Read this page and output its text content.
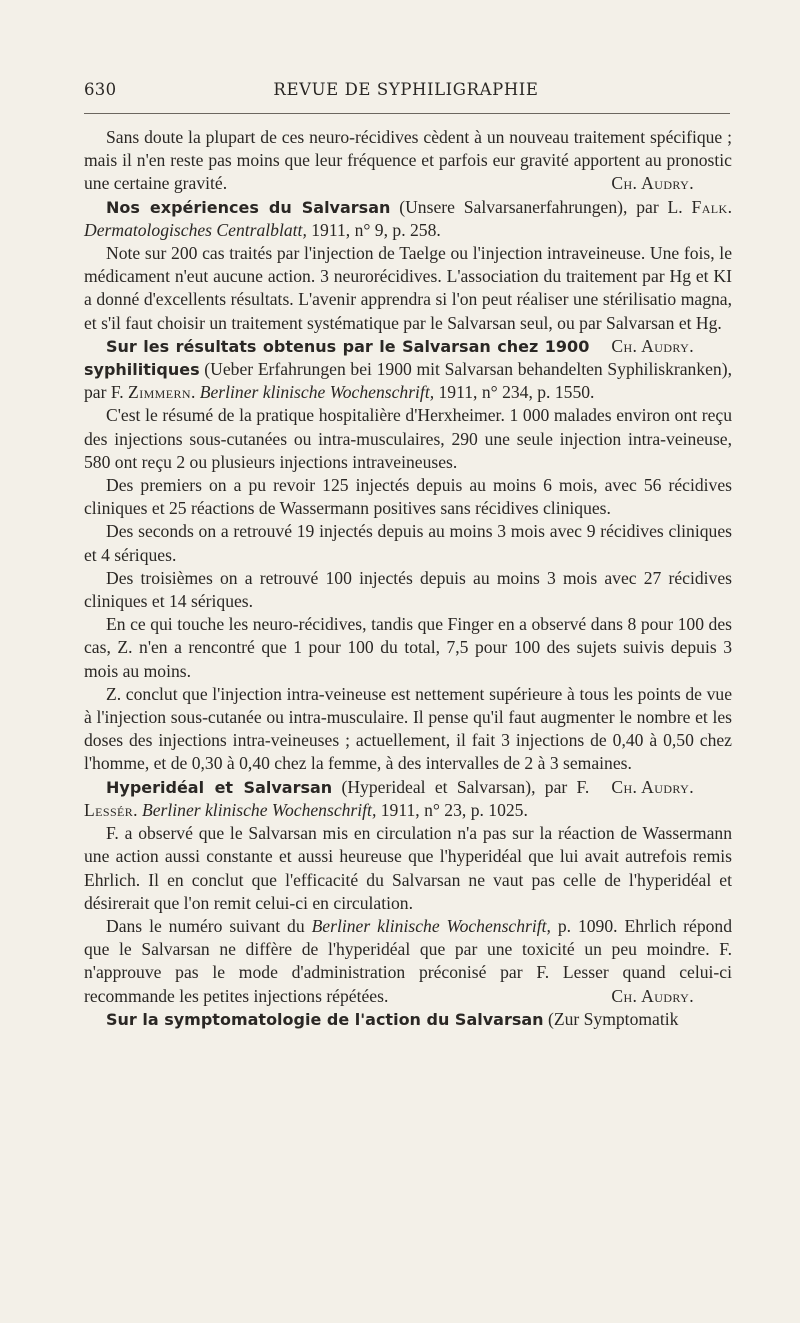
630	REVUE DE SYPHILIGRAPHIE

Sans doute la plupart de ces neuro-récidives cèdent à un nouveau traitement spécifique ; mais il n'en reste pas moins que leur fréquence et parfois eur gravité apportent au pronostic une certaine gravité.	Ch. Audry.

Nos expériences du Salvarsan (Unsere Salvarsanerfahrungen), par L. Falk. Dermatologisches Centralblatt, 1911, n° 9, p. 258.

Note sur 200 cas traités par l'injection de Taelge ou l'injection intraveineuse. Une fois, le médicament n'eut aucune action. 3 neurorécidives. L'association du traitement par Hg et KI a donné d'excellents résultats. L'avenir apprendra si l'on peut réaliser une stérilisatio magna, et s'il faut choisir un traitement systématique par le Salvarsan seul, ou par Salvarsan et Hg.
Ch. Audry.

Sur les résultats obtenus par le Salvarsan chez 1900 syphilitiques (Ueber Erfahrungen bei 1900 mit Salvarsan behandelten Syphiliskranken), par F. Zimmern. Berliner klinische Wochenschrift, 1911, n° 234, p. 1550.

C'est le résumé de la pratique hospitalière d'Herxheimer. 1 000 malades environ ont reçu des injections sous-cutanées ou intra-musculaires, 290 une seule injection intra-veineuse, 580 ont reçu 2 ou plusieurs injections intraveineuses.

Des premiers on a pu revoir 125 injectés depuis au moins 6 mois, avec 56 récidives cliniques et 25 réactions de Wassermann positives sans récidives cliniques.

Des seconds on a retrouvé 19 injectés depuis au moins 3 mois avec 9 récidives cliniques et 4 sériques.

Des troisièmes on a retrouvé 100 injectés depuis au moins 3 mois avec 27 récidives cliniques et 14 sériques.

En ce qui touche les neuro-récidives, tandis que Finger en a observé dans 8 pour 100 des cas, Z. n'en a rencontré que 1 pour 100 du total, 7,5 pour 100 des sujets suivis depuis 3 mois au moins.

Z. conclut que l'injection intra-veineuse est nettement supérieure à tous les points de vue à l'injection sous-cutanée ou intra-musculaire. Il pense qu'il faut augmenter le nombre et les doses des injections intra-veineuses ; actuellement, il fait 3 injections de 0,40 à 0,50 chez l'homme, et de 0,30 à 0,40 chez la femme, à des intervalles de 2 à 3 semaines.
Ch. Audry.

Hyperidéal et Salvarsan (Hyperideal et Salvarsan), par F. Lessér. Berliner klinische Wochenschrift, 1911, n° 23, p. 1025.

F. a observé que le Salvarsan mis en circulation n'a pas sur la réaction de Wassermann une action aussi constante et aussi heureuse que l'hyperidéal que lui avait autrefois remis Ehrlich. Il en conclut que l'efficacité du Salvarsan ne vaut pas celle de l'hyperidéal et désirerait que l'on remit celui-ci en circulation.

Dans le numéro suivant du Berliner klinische Wochenschrift, p. 1090. Ehrlich répond que le Salvarsan ne diffère de l'hyperidéal que par une toxicité un peu moindre. F. n'approuve pas le mode d'administration préconisé par F. Lesser quand celui-ci recommande les petites injections répétées.	Ch. Audry.

Sur la symptomatologie de l'action du Salvarsan (Zur Symptomatik
